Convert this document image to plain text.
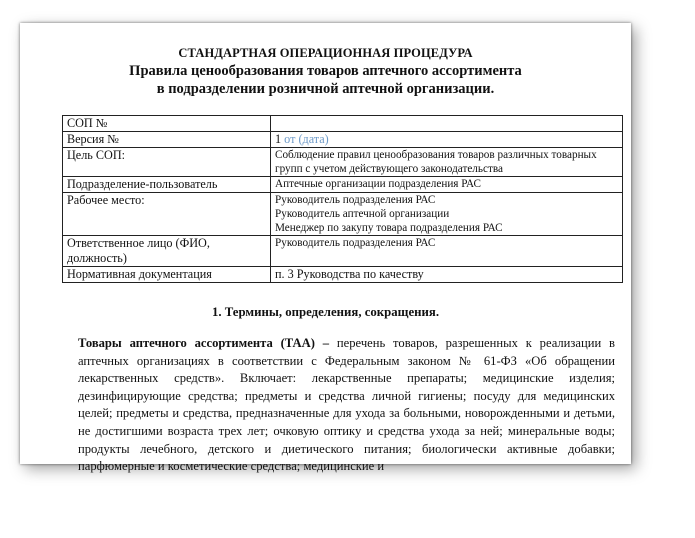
СТАНДАРТНАЯ ОПЕРАЦИОННАЯ ПРОЦЕДУРА
Правила ценообразования товаров аптечного ассортимента
в подразделении розничной аптечной организации.
СОП №	
Версия №	1 от (дата)
Цель СОП:	Соблюдение правил ценообразования товаров различных товарных групп с учетом действующего законодательства
Подразделение-пользователь	Аптечные организации подразделения РАС
Рабочее место:	Руководитель подразделения РАС
Руководитель аптечной организации
Менеджер по закупу товара подразделения РАС

Ответственное лицо (ФИО, должность)	Руководитель подразделения РАС
Нормативная документация	п. 3 Руководства по качеству
1. Термины, определения, сокращения.
Товары аптечного ассортимента (ТАА) – перечень товаров, разрешенных к реализации в аптечных организациях в соответствии с Федеральным законом № 61-ФЗ «Об обращении лекарственных средств». Включает: лекарственные препараты; медицинские изделия; дезинфицирующие средства; предметы и средства личной гигиены; посуду для медицинских целей; предметы и средства, предназначенные для ухода за больными, новорожденными и детьми, не достигшими возраста трех лет; очковую оптику и средства ухода за ней; минеральные воды; продукты лечебного, детского и диетического питания; биологически активные добавки; парфюмерные и косметические средства; медицинские и
